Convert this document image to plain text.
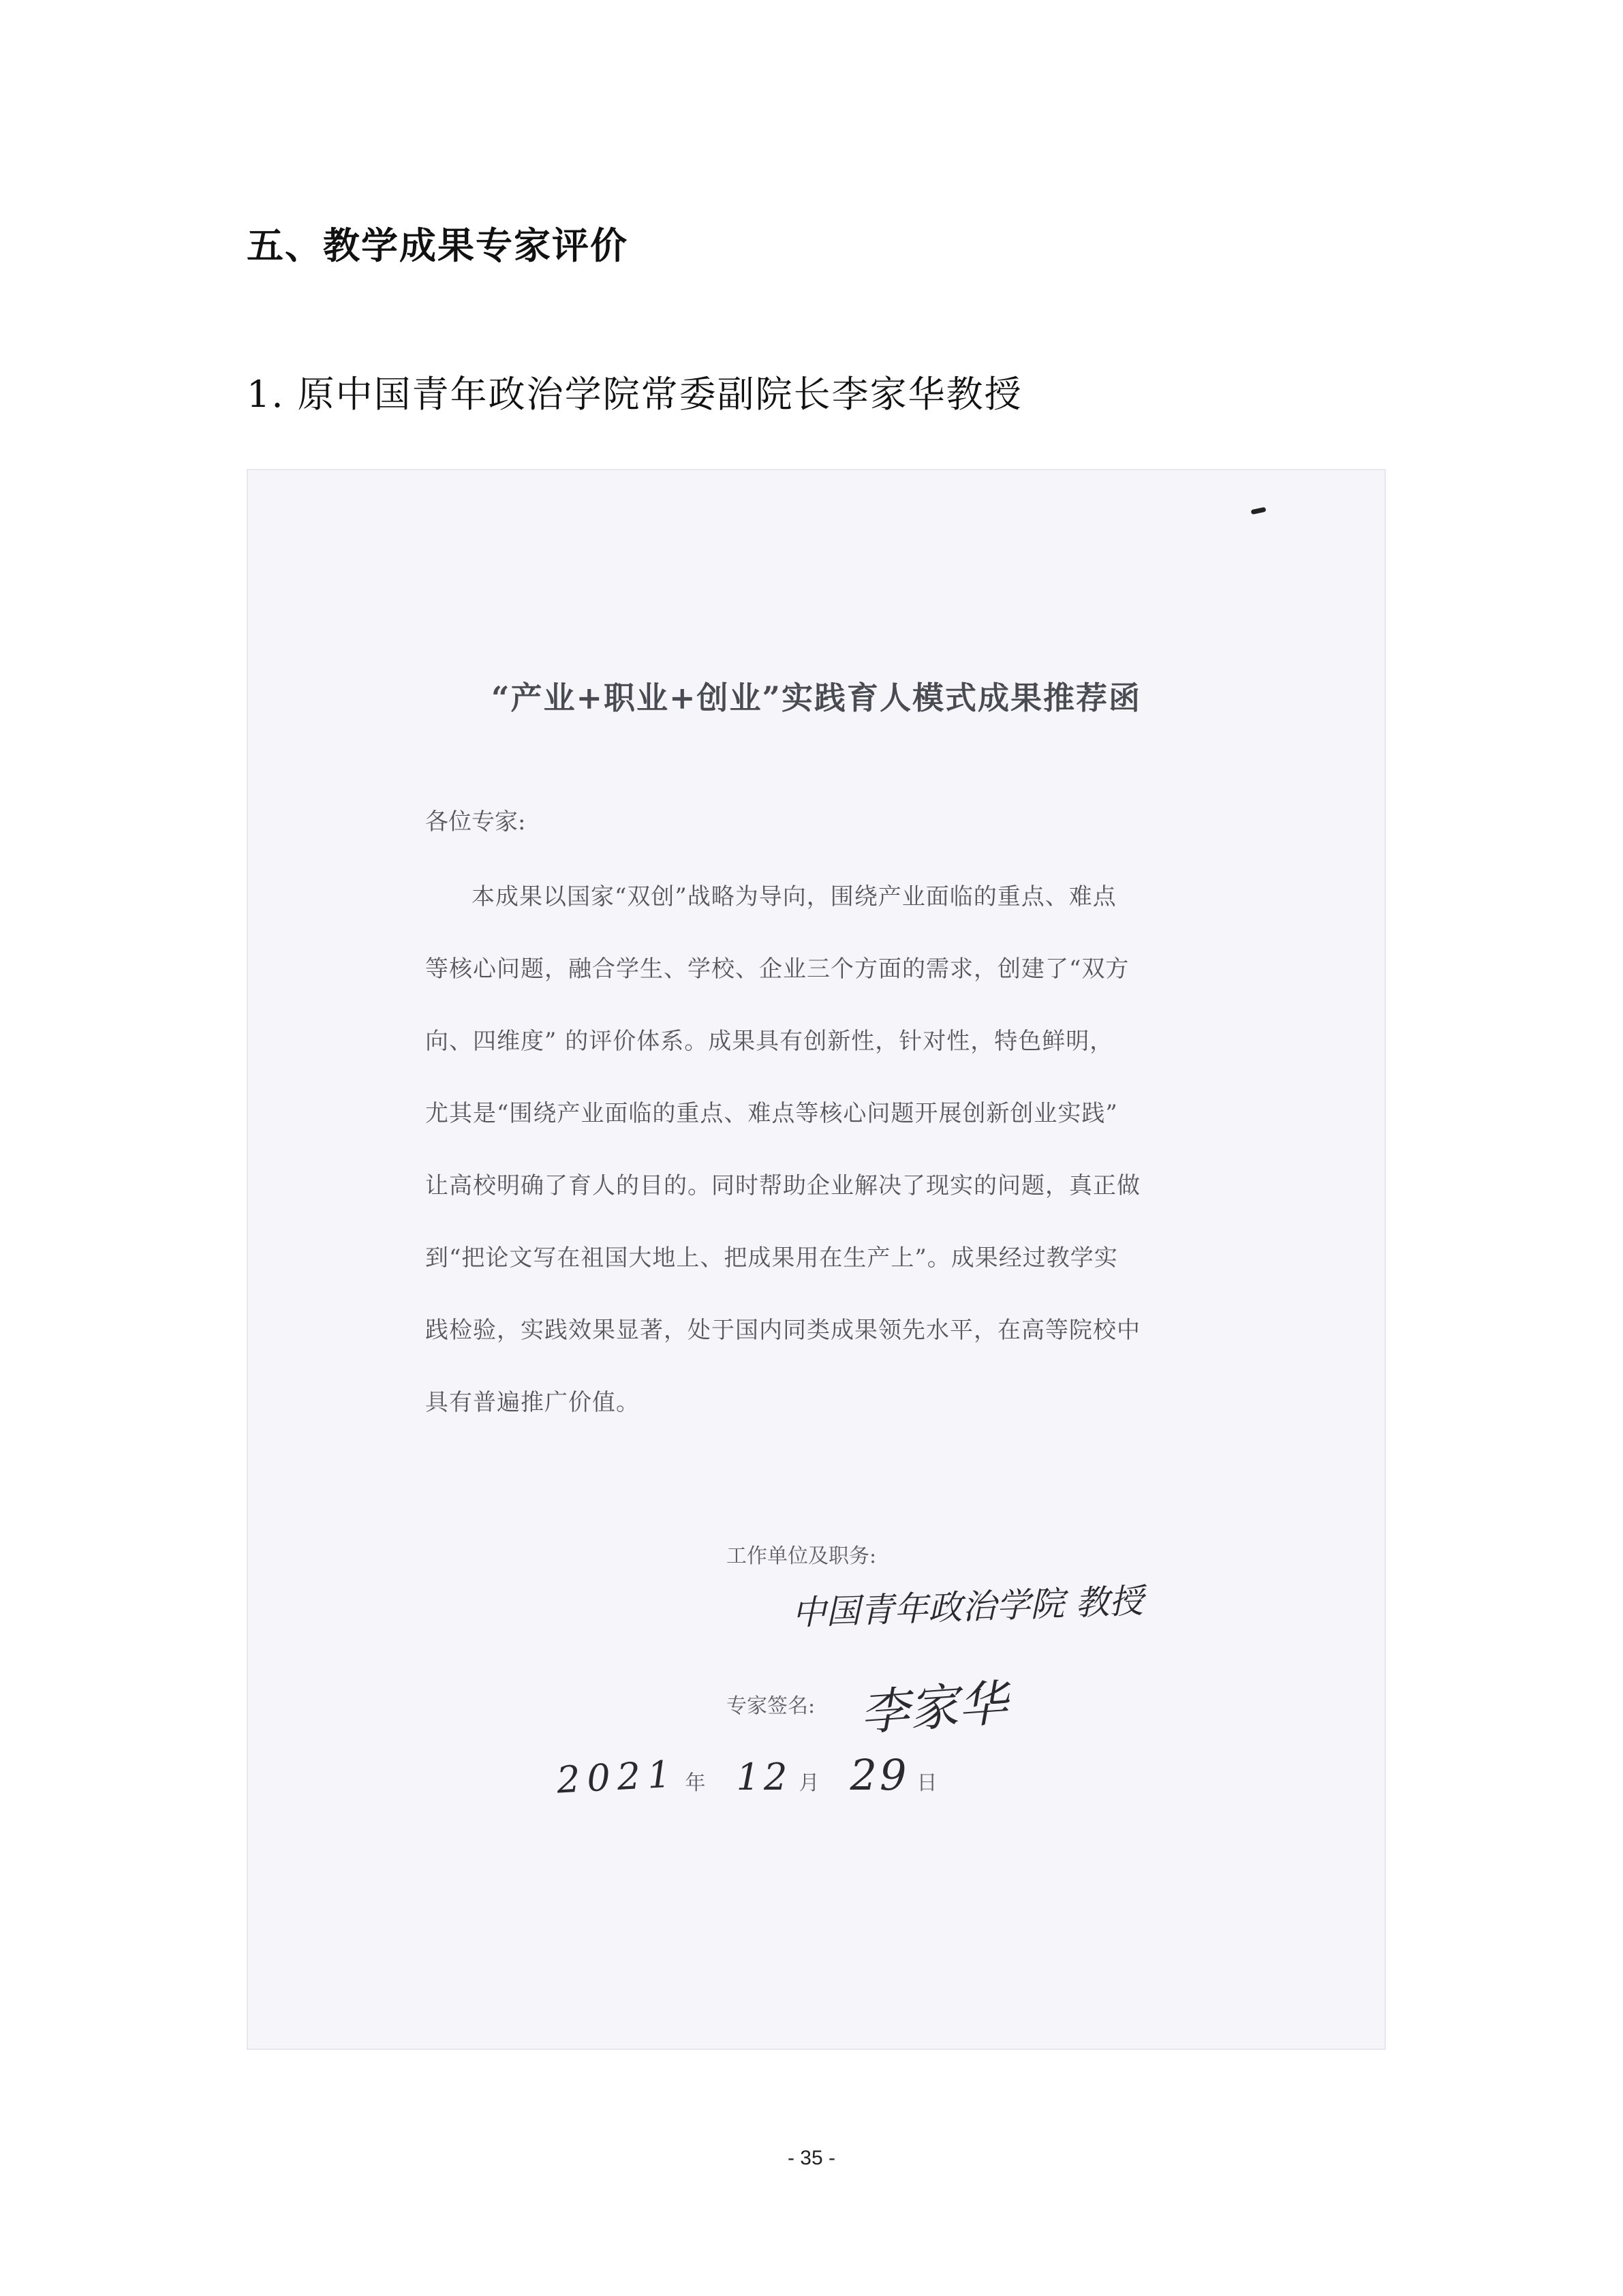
五、教学成果专家评价
1. 原中国青年政治学院常委副院长李家华教授
“产业+职业+创业”实践育人模式成果推荐函
各位专家:
本成果以国家“双创”战略为导向，围绕产业面临的重点、难点
等核心问题，融合学生、学校、企业三个方面的需求，创建了“双方
向、四维度” 的评价体系。成果具有创新性，针对性，特色鲜明，
尤其是“围绕产业面临的重点、难点等核心问题开展创新创业实践”
让高校明确了育人的目的。同时帮助企业解决了现实的问题，真正做
到“把论文写在祖国大地上、把成果用在生产上”。成果经过教学实
践检验，实践效果显著，处于国内同类成果领先水平，在高等院校中
具有普遍推广价值。
工作单位及职务:
中国青年政治学院 教授
专家签名: 李家华
2021 年 12 月 29 日
- 35 -
